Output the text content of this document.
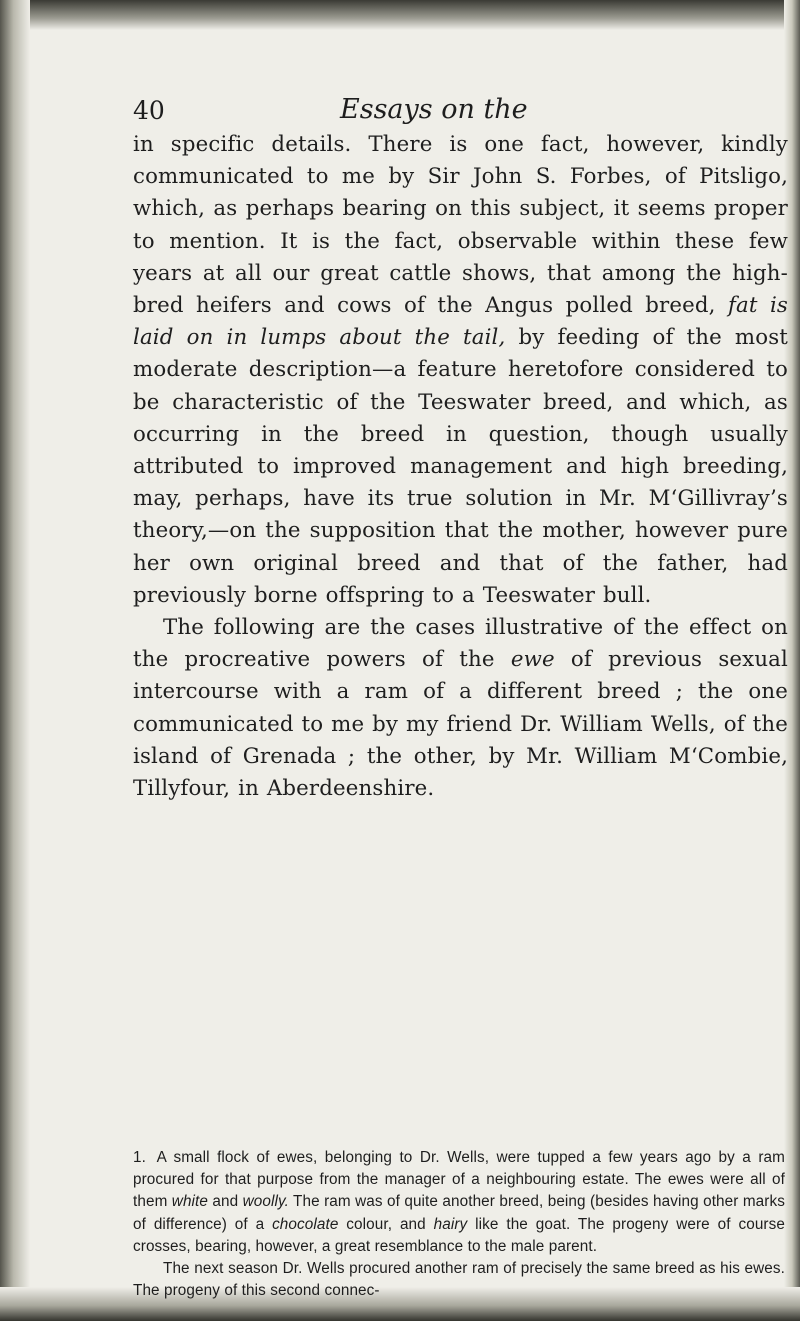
40	Essays on the

in specific details. There is one fact, however, kindly communicated to me by Sir John S. Forbes, of Pitsligo, which, as perhaps bearing on this subject, it seems proper to mention. It is the fact, observable within these few years at all our great cattle shows, that among the high-bred heifers and cows of the Angus polled breed, fat is laid on in lumps about the tail, by feeding of the most moderate description—a feature heretofore considered to be characteristic of the Teeswater breed, and which, as occurring in the breed in question, though usually attributed to improved management and high breeding, may, perhaps, have its true solution in Mr. M‘Gillivray’s theory,—on the supposition that the mother, however pure her own original breed and that of the father, had previously borne offspring to a Teeswater bull.

The following are the cases illustrative of the effect on the procreative powers of the ewe of previous sexual intercourse with a ram of a different breed ; the one communicated to me by my friend Dr. William Wells, of the island of Grenada ; the other, by Mr. William M‘Combie, Tillyfour, in Aberdeenshire.

1. A small flock of ewes, belonging to Dr. Wells, were tupped a few years ago by a ram procured for that purpose from the manager of a neighbouring estate. The ewes were all of them white and woolly. The ram was of quite another breed, being (besides having other marks of difference) of a chocolate colour, and hairy like the goat. The progeny were of course crosses, bearing, however, a great resemblance to the male parent.

The next season Dr. Wells procured another ram of precisely the same breed as his ewes. The progeny of this second connec-
